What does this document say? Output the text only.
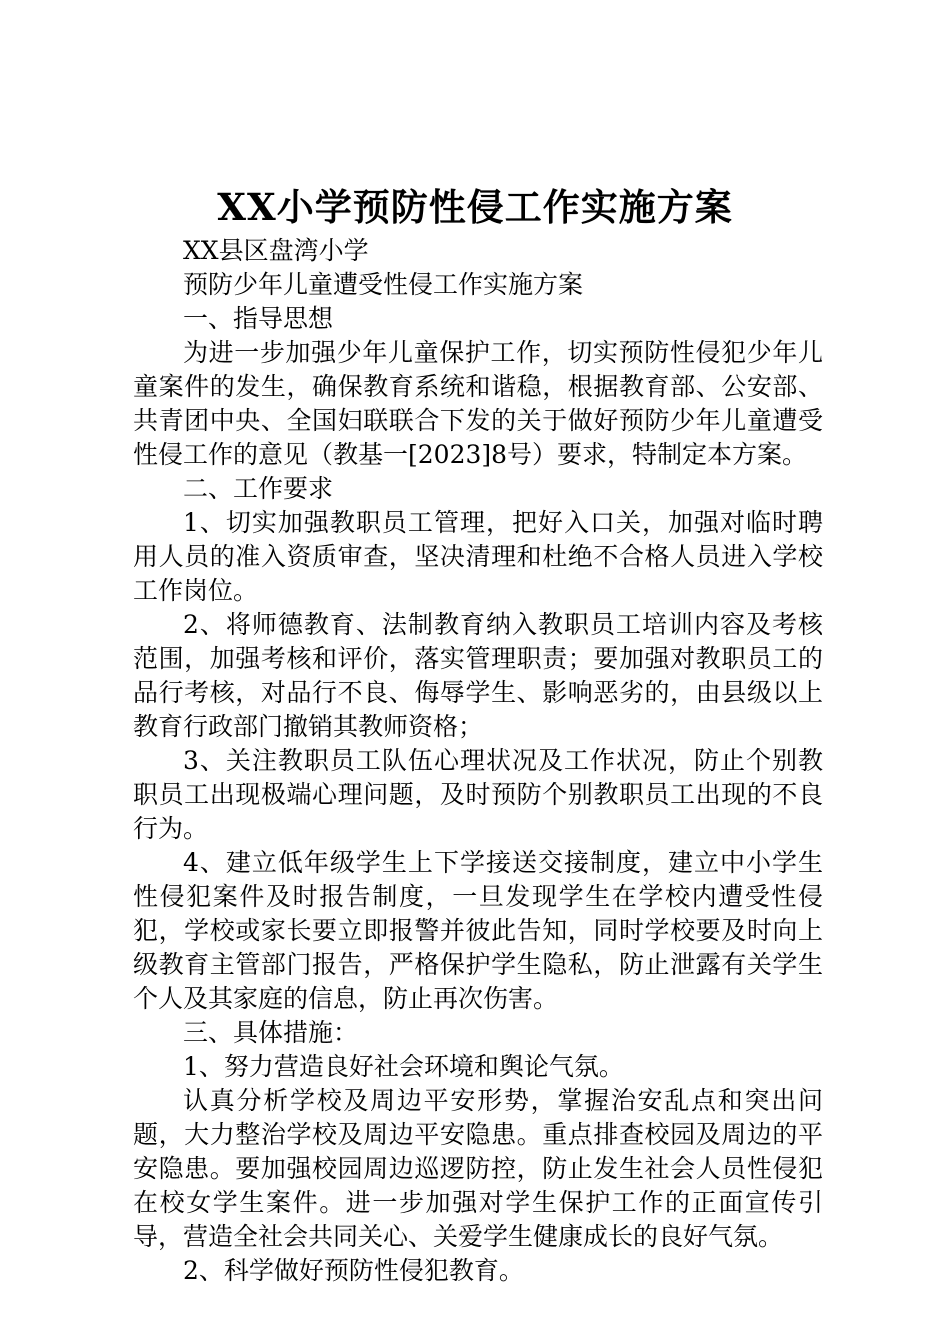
XX小学预防性侵工作实施方案

XX县区盘湾小学

预防少年儿童遭受性侵工作实施方案

一、指导思想

为进一步加强少年儿童保护工作，切实预防性侵犯少年儿童案件的发生，确保教育系统和谐稳，根据教育部、公安部、共青团中央、全国妇联联合下发的关于做好预防少年儿童遭受性侵工作的意见（教基一[2023]8号）要求，特制定本方案。

二、工作要求

1、切实加强教职员工管理，把好入口关，加强对临时聘用人员的准入资质审查，坚决清理和杜绝不合格人员进入学校工作岗位。

2、将师德教育、法制教育纳入教职员工培训内容及考核范围，加强考核和评价，落实管理职责；要加强对教职员工的品行考核，对品行不良、侮辱学生、影响恶劣的，由县级以上教育行政部门撤销其教师资格；

3、关注教职员工队伍心理状况及工作状况，防止个别教职员工出现极端心理问题，及时预防个别教职员工出现的不良行为。

4、建立低年级学生上下学接送交接制度，建立中小学生性侵犯案件及时报告制度，一旦发现学生在学校内遭受性侵犯，学校或家长要立即报警并彼此告知，同时学校要及时向上级教育主管部门报告，严格保护学生隐私，防止泄露有关学生个人及其家庭的信息，防止再次伤害。

三、具体措施：

1、努力营造良好社会环境和舆论气氛。

认真分析学校及周边平安形势，掌握治安乱点和突出问题，大力整治学校及周边平安隐患。重点排查校园及周边的平安隐患。要加强校园周边巡逻防控，防止发生社会人员性侵犯在校女学生案件。进一步加强对学生保护工作的正面宣传引导，营造全社会共同关心、关爱学生健康成长的良好气氛。

2、科学做好预防性侵犯教育。
